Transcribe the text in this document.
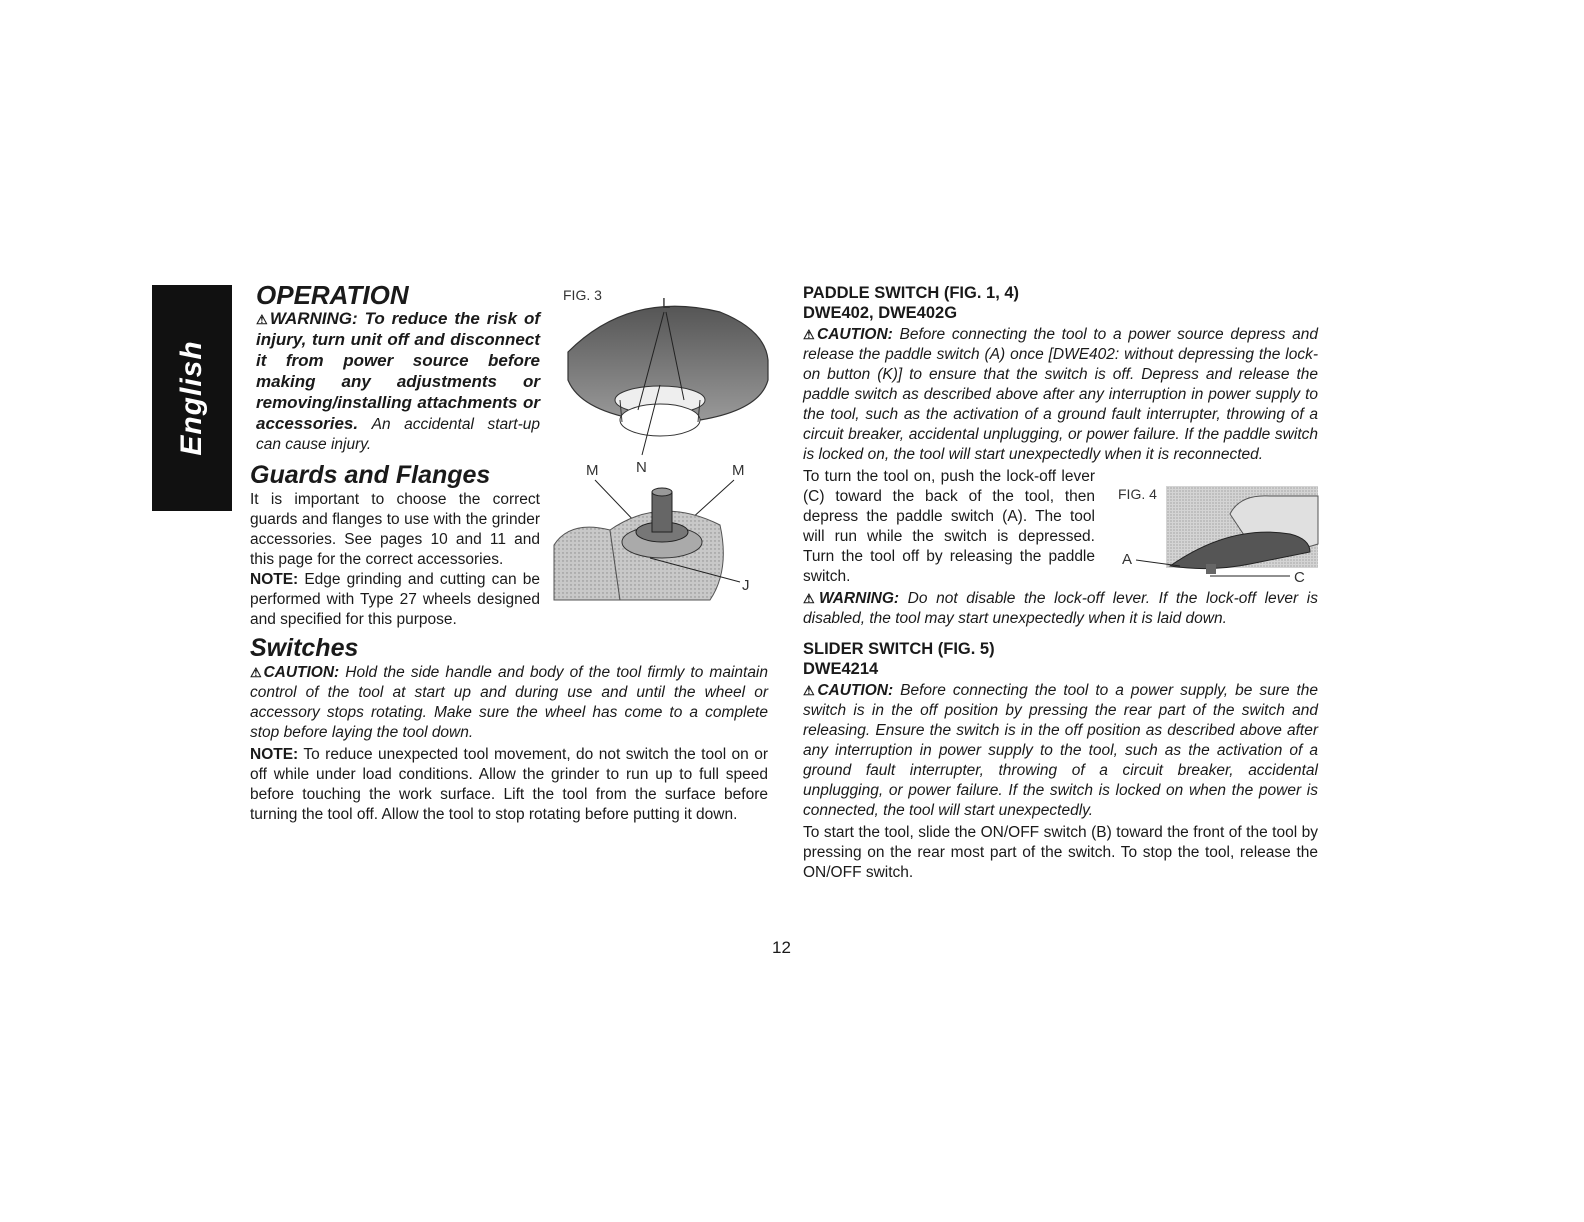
English
OPERATION

⚠WARNING: To reduce the risk of injury, turn unit off and disconnect it from power source before making any adjustments or removing/installing attachments or accessories. An accidental start-up can cause injury.

Guards and Flanges

It is important to choose the correct guards and flanges to use with the grinder accessories. See pages 10 and 11 and this page for the correct accessories.

NOTE: Edge grinding and cutting can be performed with Type 27 wheels designed and specified for this purpose.

Switches

⚠CAUTION: Hold the side handle and body of the tool firmly to maintain control of the tool at start up and during use and until the wheel or accessory stops rotating. Make sure the wheel has come to a complete stop before laying the tool down.

NOTE: To reduce unexpected tool movement, do not switch the tool on or off while under load conditions. Allow the grinder to run up to full speed before touching the work surface. Lift the tool from the surface before turning the tool off. Allow the tool to stop rotating before putting it down.

FIG. 3	L
M	N	M
J
PADDLE SWITCH (FIG. 1, 4)
DWE402, DWE402G

⚠CAUTION: Before connecting the tool to a power source depress and release the paddle switch (A) once [DWE402: without depressing the lock-on button (K)] to ensure that the switch is off. Depress and release the paddle switch as described above after any interruption in power supply to the tool, such as the activation of a ground fault interrupter, throwing of a circuit breaker, accidental unplugging, or power failure. If the paddle switch is locked on, the tool will start unexpectedly when it is reconnected.

To turn the tool on, push the lock-off lever (C) toward the back of the tool, then depress the paddle switch (A). The tool will run while the switch is depressed. Turn the tool off by releasing the paddle switch.

⚠WARNING: Do not disable the lock-off lever. If the lock-off lever is disabled, the tool may start unexpectedly when it is laid down.

SLIDER SWITCH (FIG. 5)
DWE4214

⚠CAUTION: Before connecting the tool to a power supply, be sure the switch is in the off position by pressing the rear part of the switch and releasing. Ensure the switch is in the off position as described above after any interruption in power supply to the tool, such as the activation of a ground fault interrupter, throwing of a circuit breaker, accidental unplugging, or power failure. If the switch is locked on when the power is connected, the tool will start unexpectedly.

To start the tool, slide the ON/OFF switch (B) toward the front of the tool by pressing on the rear most part of the switch. To stop the tool, release the ON/OFF switch.

A
C
FIG. 4
12
